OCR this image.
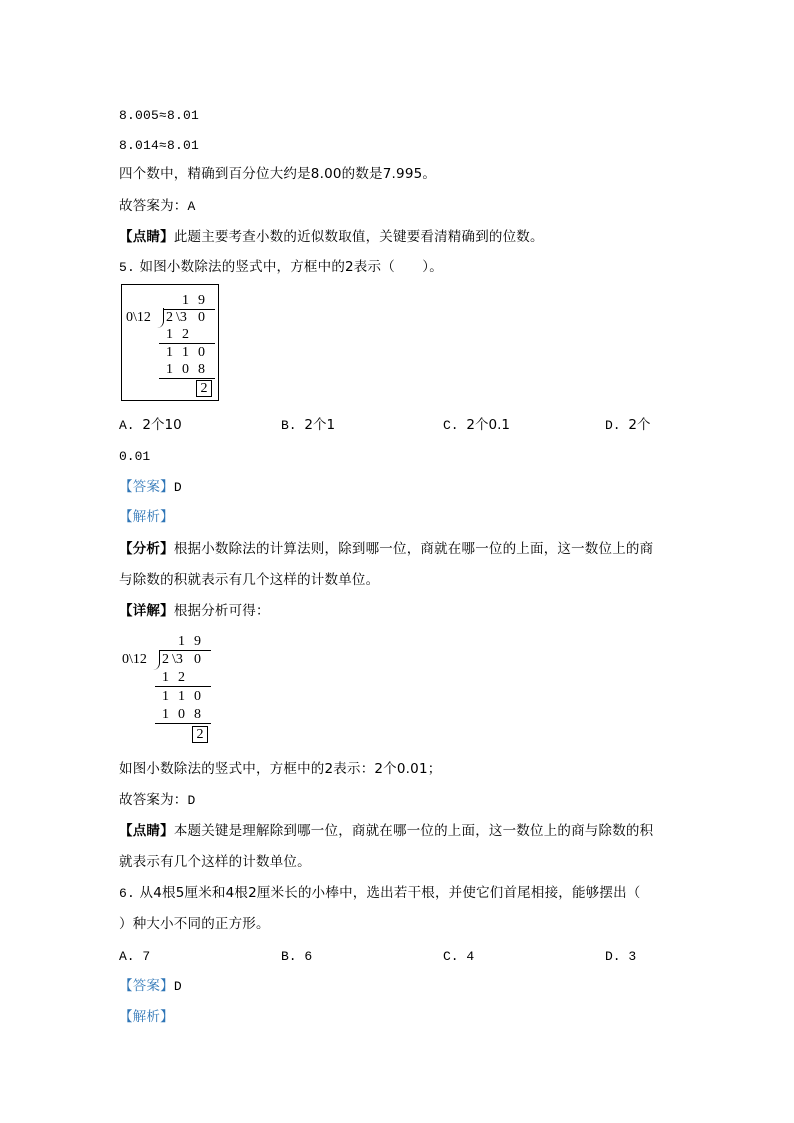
8.005≈8.01
8.014≈8.01
四个数中，精确到百分位大约是8.00的数是7.995。
故答案为：A
【点睛】此题主要考查小数的近似数取值，关键要看清精确到的位数。
5. 如图小数除法的竖式中，方框中的2表示（　　）。
1 9
0\12 2 \3 0
1 2
1 1 0
1 0 8
2
A. 2个10	B. 2个1	C. 2个0.1	D. 2个
0.01
【答案】D
【解析】
【分析】根据小数除法的计算法则，除到哪一位，商就在哪一位的上面，这一数位上的商
与除数的积就表示有几个这样的计数单位。
【详解】根据分析可得：
1 9
0\12 2 \3 0
1 2
1 1 0
1 0 8
2
如图小数除法的竖式中，方框中的2表示：2个0.01；
故答案为：D
【点睛】本题关键是理解除到哪一位，商就在哪一位的上面，这一数位上的商与除数的积
就表示有几个这样的计数单位。
6. 从4根5厘米和4根2厘米长的小棒中，选出若干根，并使它们首尾相接，能够摆出（
）种大小不同的正方形。
A. 7	B. 6	C. 4	D. 3
【答案】D
【解析】
